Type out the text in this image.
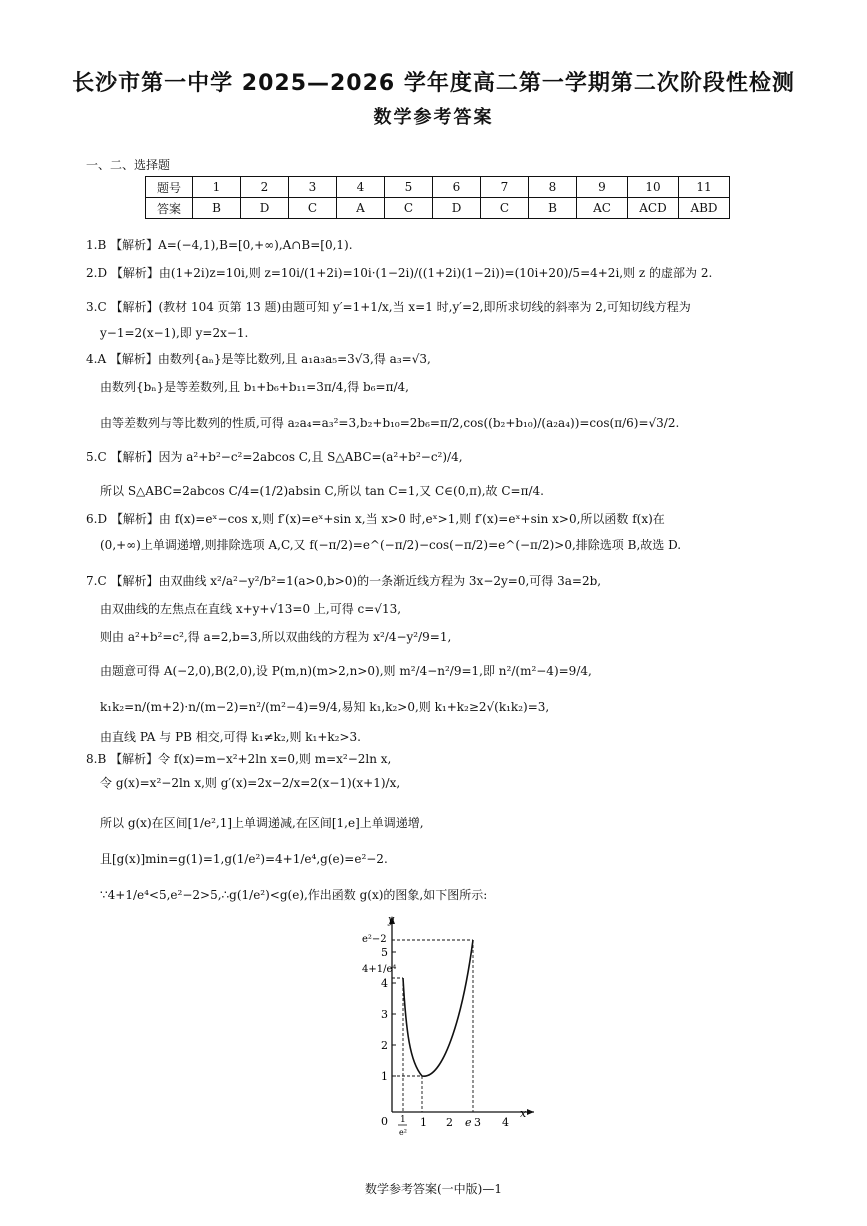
长沙市第一中学 2025—2026 学年度高二第一学期第二次阶段性检测
数学参考答案
一、二、选择题
题号	1	2	3	4	5	6	7	8	9	10	11
答案	B	D	C	A	C	D	C	B	AC	ACD	ABD
1.B 【解析】A=(−4,1),B=[0,+∞),A∩B=[0,1).
2.D 【解析】由(1+2i)z=10i,则 z=10i/(1+2i)=10i·(1−2i)/((1+2i)(1−2i))=(10i+20)/5=4+2i,则 z 的虚部为 2.
3.C 【解析】(教材 104 页第 13 题)由题可知 y′=1+1/x,当 x=1 时,y′=2,即所求切线的斜率为 2,可知切线方程为
y−1=2(x−1),即 y=2x−1.
4.A 【解析】由数列{aₙ}是等比数列,且 a₁a₃a₅=3√3,得 a₃=√3,
由数列{bₙ}是等差数列,且 b₁+b₆+b₁₁=3π/4,得 b₆=π/4,
由等差数列与等比数列的性质,可得 a₂a₄=a₃²=3,b₂+b₁₀=2b₆=π/2,cos((b₂+b₁₀)/(a₂a₄))=cos(π/6)=√3/2.
5.C 【解析】因为 a²+b²−c²=2abcos C,且 S△ABC=(a²+b²−c²)/4,
所以 S△ABC=2abcos C/4=(1/2)absin C,所以 tan C=1,又 C∈(0,π),故 C=π/4.
6.D 【解析】由 f(x)=eˣ−cos x,则 f′(x)=eˣ+sin x,当 x>0 时,eˣ>1,则 f′(x)=eˣ+sin x>0,所以函数 f(x)在
(0,+∞)上单调递增,则排除选项 A,C,又 f(−π/2)=e^(−π/2)−cos(−π/2)=e^(−π/2)>0,排除选项 B,故选 D.
7.C 【解析】由双曲线 x²/a²−y²/b²=1(a>0,b>0)的一条渐近线方程为 3x−2y=0,可得 3a=2b,
由双曲线的左焦点在直线 x+y+√13=0 上,可得 c=√13,
则由 a²+b²=c²,得 a=2,b=3,所以双曲线的方程为 x²/4−y²/9=1,
由题意可得 A(−2,0),B(2,0),设 P(m,n)(m>2,n>0),则 m²/4−n²/9=1,即 n²/(m²−4)=9/4,
k₁k₂=n/(m+2)·n/(m−2)=n²/(m²−4)=9/4,易知 k₁,k₂>0,则 k₁+k₂≥2√(k₁k₂)=3,
由直线 PA 与 PB 相交,可得 k₁≠k₂,则 k₁+k₂>3.
8.B 【解析】令 f(x)=m−x²+2ln x=0,则 m=x²−2ln x,
令 g(x)=x²−2ln x,则 g′(x)=2x−2/x=2(x−1)(x+1)/x,
所以 g(x)在区间[1/e²,1]上单调递减,在区间[1,e]上单调递增,
且[g(x)]min=g(1)=1,g(1/e²)=4+1/e⁴,g(e)=e²−2.
∵4+1/e⁴<5,e²−2>5,∴g(1/e²)<g(e),作出函数 g(x)的图象,如下图所示:
y
x
0
1
2
3
4
5
e²−2
4+1/e⁴
1 2 3 4
e
1
e²
数学参考答案(一中版)—1
